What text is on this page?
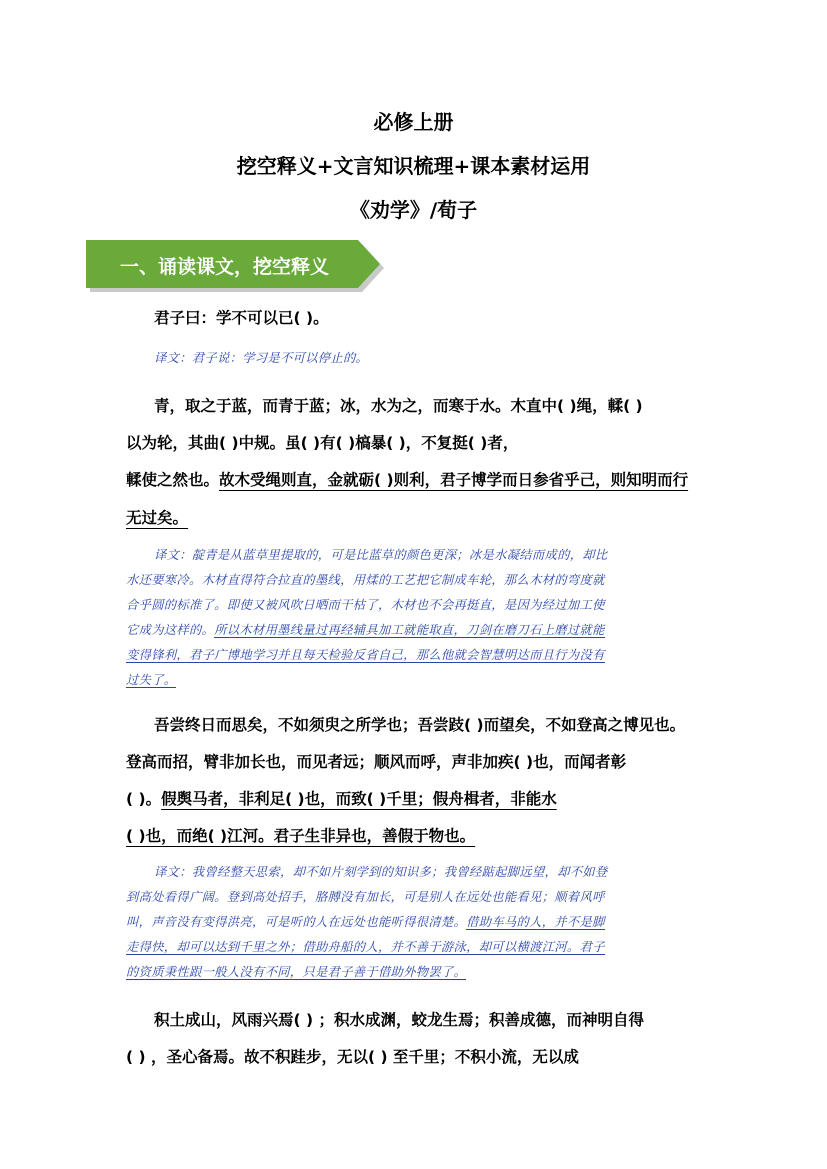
必修上册
挖空释义+文言知识梳理+课本素材运用
《劝学》/荀子
一、诵读课文，挖空释义
君子曰：学不可以已( )。
译文：君子说：学习是不可以停止的。
青，取之于蓝，而青于蓝；冰，水为之，而寒于水。木直中( )绳，輮( )
以为轮，其曲( )中规。虽( )有( )槁暴( )，不复挺( )者，
輮使之然也。故木受绳则直，金就砺( )则利，君子博学而日参省乎己，则知明而行
无过矣。
译文：靛青是从蓝草里提取的，可是比蓝草的颜色更深；冰是水凝结而成的，却比
水还要寒冷。木材直得符合拉直的墨线，用煣的工艺把它制成车轮，那么木材的弯度就
合乎圆的标准了。即使又被风吹日晒而干枯了，木材也不会再挺直，是因为经过加工使
它成为这样的。所以木材用墨线量过再经辅具加工就能取直，刀剑在磨刀石上磨过就能
变得锋利，君子广博地学习并且每天检验反省自己，那么他就会智慧明达而且行为没有
过失了。
吾尝终日而思矣，不如须臾之所学也；吾尝跂( )而望矣，不如登高之博见也。
登高而招，臂非加长也，而见者远；顺风而呼，声非加疾( )也，而闻者彰
( )。假舆马者，非利足( )也，而致( )千里；假舟楫者，非能水
( )也，而绝( )江河。君子生非异也，善假于物也。
译文：我曾经整天思索，却不如片刻学到的知识多；我曾经踮起脚远望，却不如登
到高处看得广阔。登到高处招手，胳膊没有加长，可是别人在远处也能看见；顺着风呼
叫，声音没有变得洪亮，可是听的人在远处也能听得很清楚。借助车马的人，并不是脚
走得快，却可以达到千里之外；借助舟船的人，并不善于游泳，却可以横渡江河。君子
的资质秉性跟一般人没有不同，只是君子善于借助外物罢了。
积土成山，风雨兴焉( ) ；积水成渊，蛟龙生焉；积善成德，而神明自得
( ) ，圣心备焉。故不积跬步，无以( ) 至千里；不积小流，无以成
